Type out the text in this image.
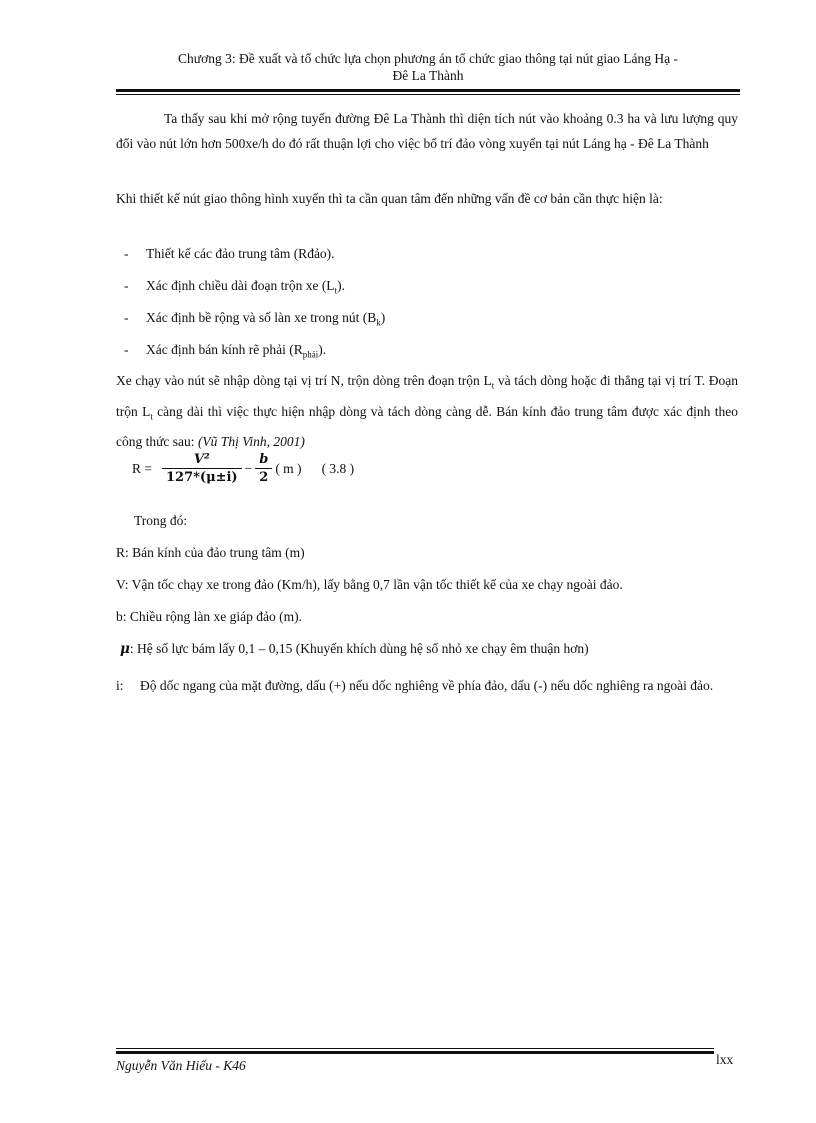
Chương 3: Đề xuất và tổ chức lựa chọn phương án tổ chức giao thông tại nút giao Láng Hạ -
Đê La Thành
Ta thấy sau khi mở rộng tuyến đường Đê La Thành thì diện tích nút vào khoảng 0.3 ha và lưu lượng quy đổi vào nút lớn hơn 500xe/h do đó rất thuận lợi cho việc bố trí đảo vòng xuyến tại nút Láng hạ - Đê La Thành
Khi thiết kế nút giao thông hình xuyến thì ta cần quan tâm đến những vấn đề cơ bản cần thực hiện là:
- Thiết kế các đảo trung tâm (Rđảo).
- Xác định chiều dài đoạn trộn xe $(L_t)$.
- Xác định bề rộng và số làn xe trong nút $(B_k)$
- Xác định bán kính rẽ phải $(R_{phải})$.
Xe chạy vào nút sẽ nhập dòng tại vị trí N, trộn dòng trên đoạn trộn $L_t$ và tách dòng hoặc đi thẳng tại vị trí T. Đoạn trộn $L_t$ càng dài thì việc thực hiện nhập dòng và tách dòng càng dễ. Bán kính đảo trung tâm được xác định theo công thức sau: (Vũ Thị Vinh, 2001)
$R = \frac{\text{V²}}{127*(\mu\pm i)} - \frac{b}{2}$ ( m ) ( 3.8 )
Trong đó:
R: Bán kính của đảo trung tâm (m)
V: Vận tốc chạy xe trong đảo (Km/h), lấy bằng 0,7 lần vận tốc thiết kế của xe chạy ngoài đảo.
b: Chiều rộng làn xe giáp đảo (m).
μ: Hệ số lực bám lấy 0,1 – 0,15 (Khuyến khích dùng hệ số nhỏ xe chạy êm thuận hơn)
i: Độ dốc ngang của mặt đường, dấu (+) nếu dốc nghiêng về phía đảo, dấu (-) nếu dốc nghiêng ra ngoài đảo.
Nguyễn Văn Hiếu - K46	lxx
